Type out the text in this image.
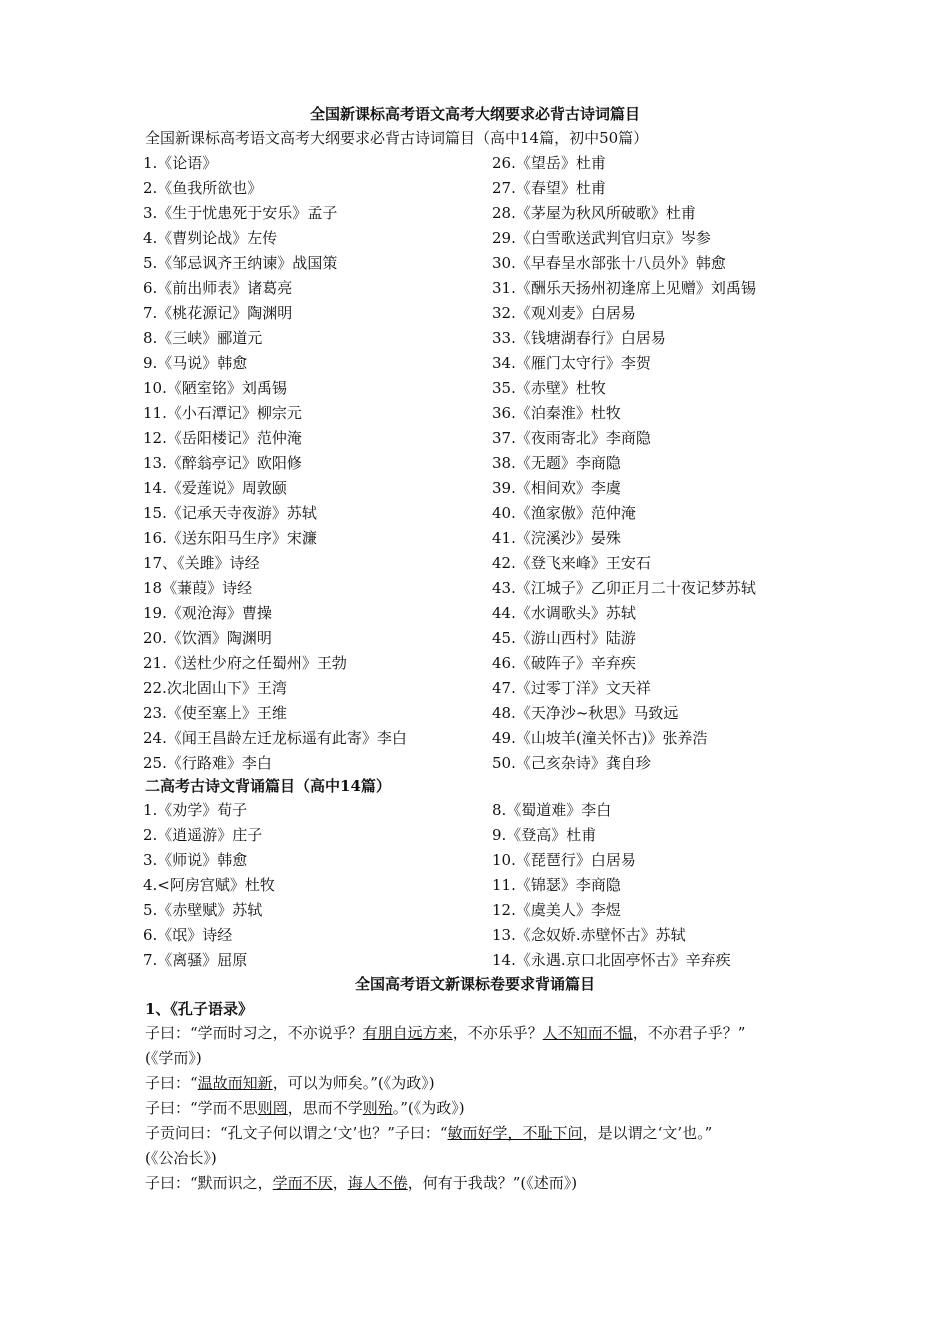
全国新课标高考语文高考大纲要求必背古诗词篇目
全国新课标高考语文高考大纲要求必背古诗词篇目（高中14篇，初中50篇）
1.《论语》
2.《鱼我所欲也》
3.《生于忧患死于安乐》孟子
4.《曹刿论战》左传
5.《邹忌讽齐王纳谏》战国策
6.《前出师表》诸葛亮
7.《桃花源记》陶渊明
8.《三峡》郦道元
9.《马说》韩愈
10.《陋室铭》刘禹锡
11.《小石潭记》柳宗元
12.《岳阳楼记》范仲淹
13.《醉翁亭记》欧阳修
14.《爱莲说》周敦颐
15.《记承天寺夜游》苏轼
16.《送东阳马生序》宋濂
17、《关雎》诗经
18《蒹葭》诗经
19.《观沧海》曹操
20.《饮酒》陶渊明
21.《送杜少府之任蜀州》王勃
22.次北固山下》王湾
23.《使至塞上》王维
24.《闻王昌龄左迁龙标遥有此寄》李白
25.《行路难》李白
26.《望岳》杜甫
27.《春望》杜甫
28.《茅屋为秋风所破歌》杜甫
29.《白雪歌送武判官归京》岑参
30.《早春呈水部张十八员外》韩愈
31.《酬乐天扬州初逢席上见赠》刘禹锡
32.《观刈麦》白居易
33.《钱塘湖春行》白居易
34.《雁门太守行》李贺
35.《赤壁》杜牧
36.《泊秦淮》杜牧
37.《夜雨寄北》李商隐
38.《无题》李商隐
39.《相间欢》李虞
40.《渔家傲》范仲淹
41.《浣溪沙》晏殊
42.《登飞来峰》王安石
43.《江城子》乙卯正月二十夜记梦苏轼
44.《水调歌头》苏轼
45.《游山西村》陆游
46.《破阵子》辛弃疾
47.《过零丁洋》文天祥
48.《天净沙~秋思》马致远
49.《山坡羊(潼关怀古)》张养浩
50.《己亥杂诗》龚自珍
二高考古诗文背诵篇目（高中14篇）
1.《劝学》荀子
2.《逍遥游》庄子
3.《师说》韩愈
4.<阿房宫赋》杜牧
5.《赤壁赋》苏轼
6.《氓》诗经
7.《离骚》屈原
8.《蜀道难》李白
9.《登高》杜甫
10.《琵琶行》白居易
11.《锦瑟》李商隐
12.《虞美人》李煜
13.《念奴娇.赤壁怀古》苏轼
14.《永遇.京口北固亭怀古》辛弃疾
全国高考语文新课标卷要求背诵篇目
1、《孔子语录》

子曰：“学而时习之，不亦说乎？有朋自远方来，不亦乐乎？人不知而不愠，不亦君子乎？”

(《学而》)

子曰：“温故而知新，可以为师矣。”(《为政》)

子曰：“学而不思则罔，思而不学则殆。”(《为政》)

子贡问曰：“孔文子何以谓之‘文’也？”子曰：“敏而好学，不耻下问，是以谓之‘文’也。”

(《公冶长》)

子曰：“默而识之，学而不厌，诲人不倦，何有于我哉？”(《述而》)
